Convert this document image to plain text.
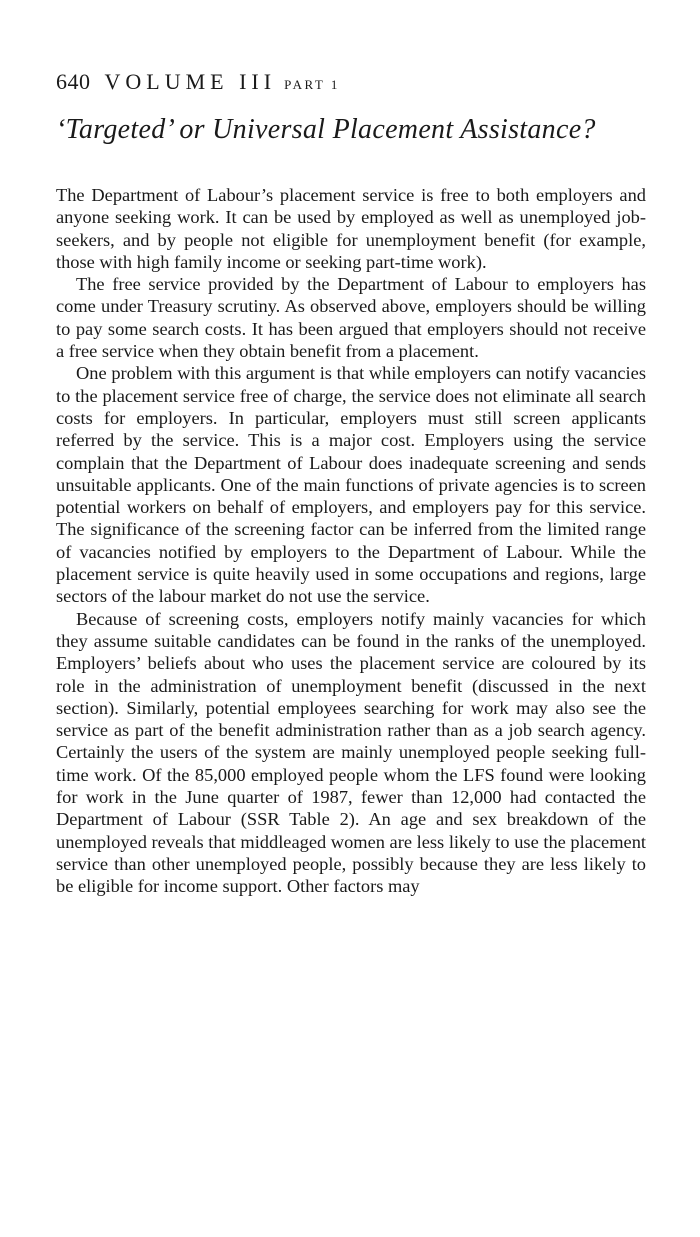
640 VOLUME III PART 1
‘Targeted’ or Universal Placement Assistance?

The Department of Labour’s placement service is free to both employers and anyone seeking work. It can be used by employed as well as unemployed job-seekers, and by people not eligible for unemployment benefit (for example, those with high family income or seeking part-time work).

The free service provided by the Department of Labour to employers has come under Treasury scrutiny. As observed above, employers should be willing to pay some search costs. It has been argued that employers should not receive a free service when they obtain benefit from a placement.

One problem with this argument is that while employers can notify vacancies to the placement service free of charge, the service does not eliminate all search costs for employers. In particular, employers must still screen applicants referred by the service. This is a major cost. Employers using the service complain that the Department of Labour does inadequate screening and sends unsuitable applicants. One of the main functions of private agencies is to screen potential workers on behalf of employers, and employers pay for this service. The significance of the screening factor can be inferred from the limited range of vacancies notified by employers to the Department of Labour. While the placement service is quite heavily used in some occupations and regions, large sectors of the labour market do not use the service.

Because of screening costs, employers notify mainly vacancies for which they assume suitable candidates can be found in the ranks of the unemployed. Employers’ beliefs about who uses the placement service are coloured by its role in the administration of unemployment benefit (discussed in the next section). Similarly, potential employees searching for work may also see the service as part of the benefit administration rather than as a job search agency. Certainly the users of the system are mainly unemployed people seeking full-time work. Of the 85,000 employed people whom the LFS found were looking for work in the June quarter of 1987, fewer than 12,000 had contacted the Department of Labour (SSR Table 2). An age and sex breakdown of the unemployed reveals that middleaged women are less likely to use the placement service than other unemployed people, possibly because they are less likely to be eligible for income support. Other factors may
